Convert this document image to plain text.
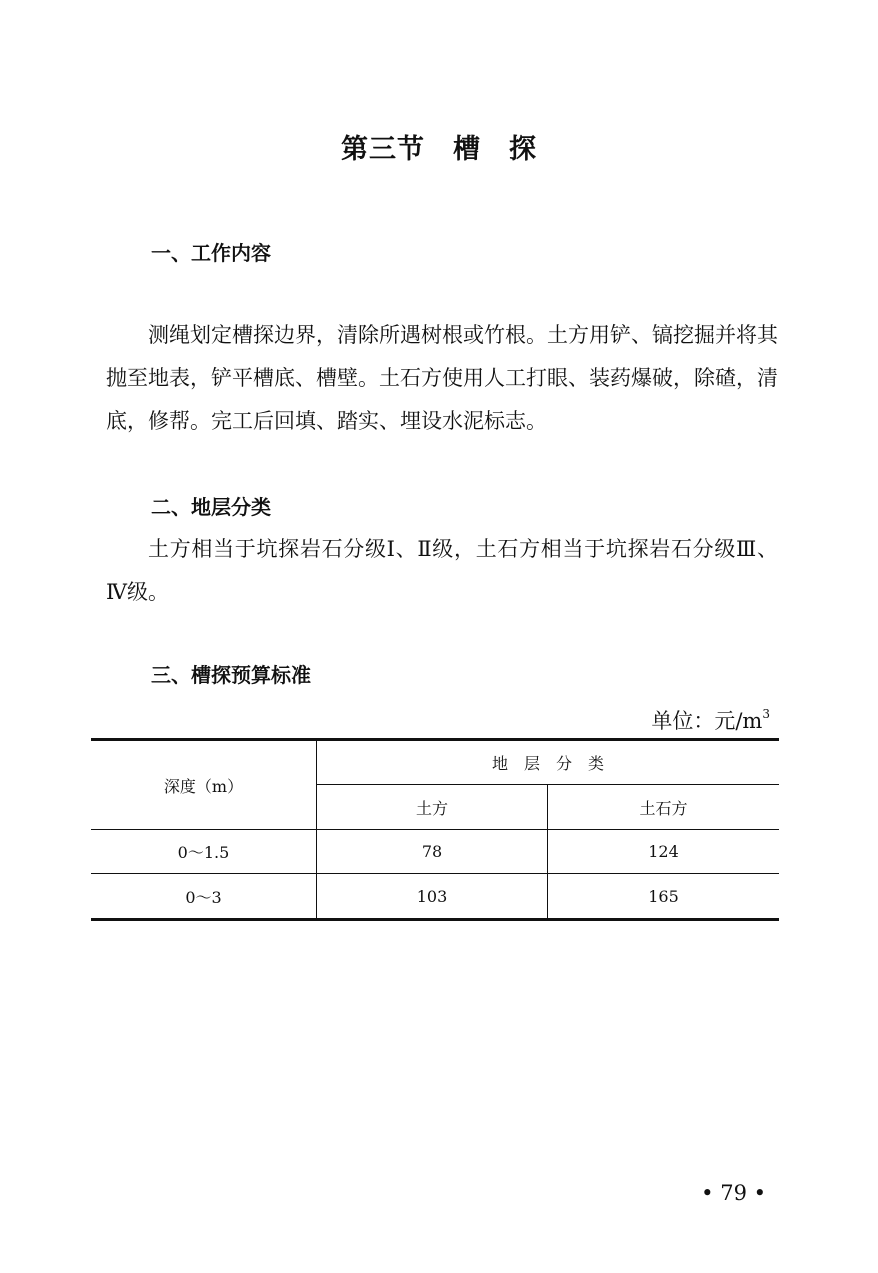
第三节　槽　探
一、工作内容
测绳划定槽探边界，清除所遇树根或竹根。土方用铲、镐挖掘并将其抛至地表，铲平槽底、槽壁。土石方使用人工打眼、装药爆破，除碴，清底，修帮。完工后回填、踏实、埋设水泥标志。
二、地层分类
土方相当于坑探岩石分级Ⅰ、Ⅱ级，土石方相当于坑探岩石分级Ⅲ、Ⅳ级。
三、槽探预算标准
单位：元$/m^3$
深度（m）	地　层　分　类	
	土方	土石方
0～1.5	78	124
0～3	103	165
• 79 •
